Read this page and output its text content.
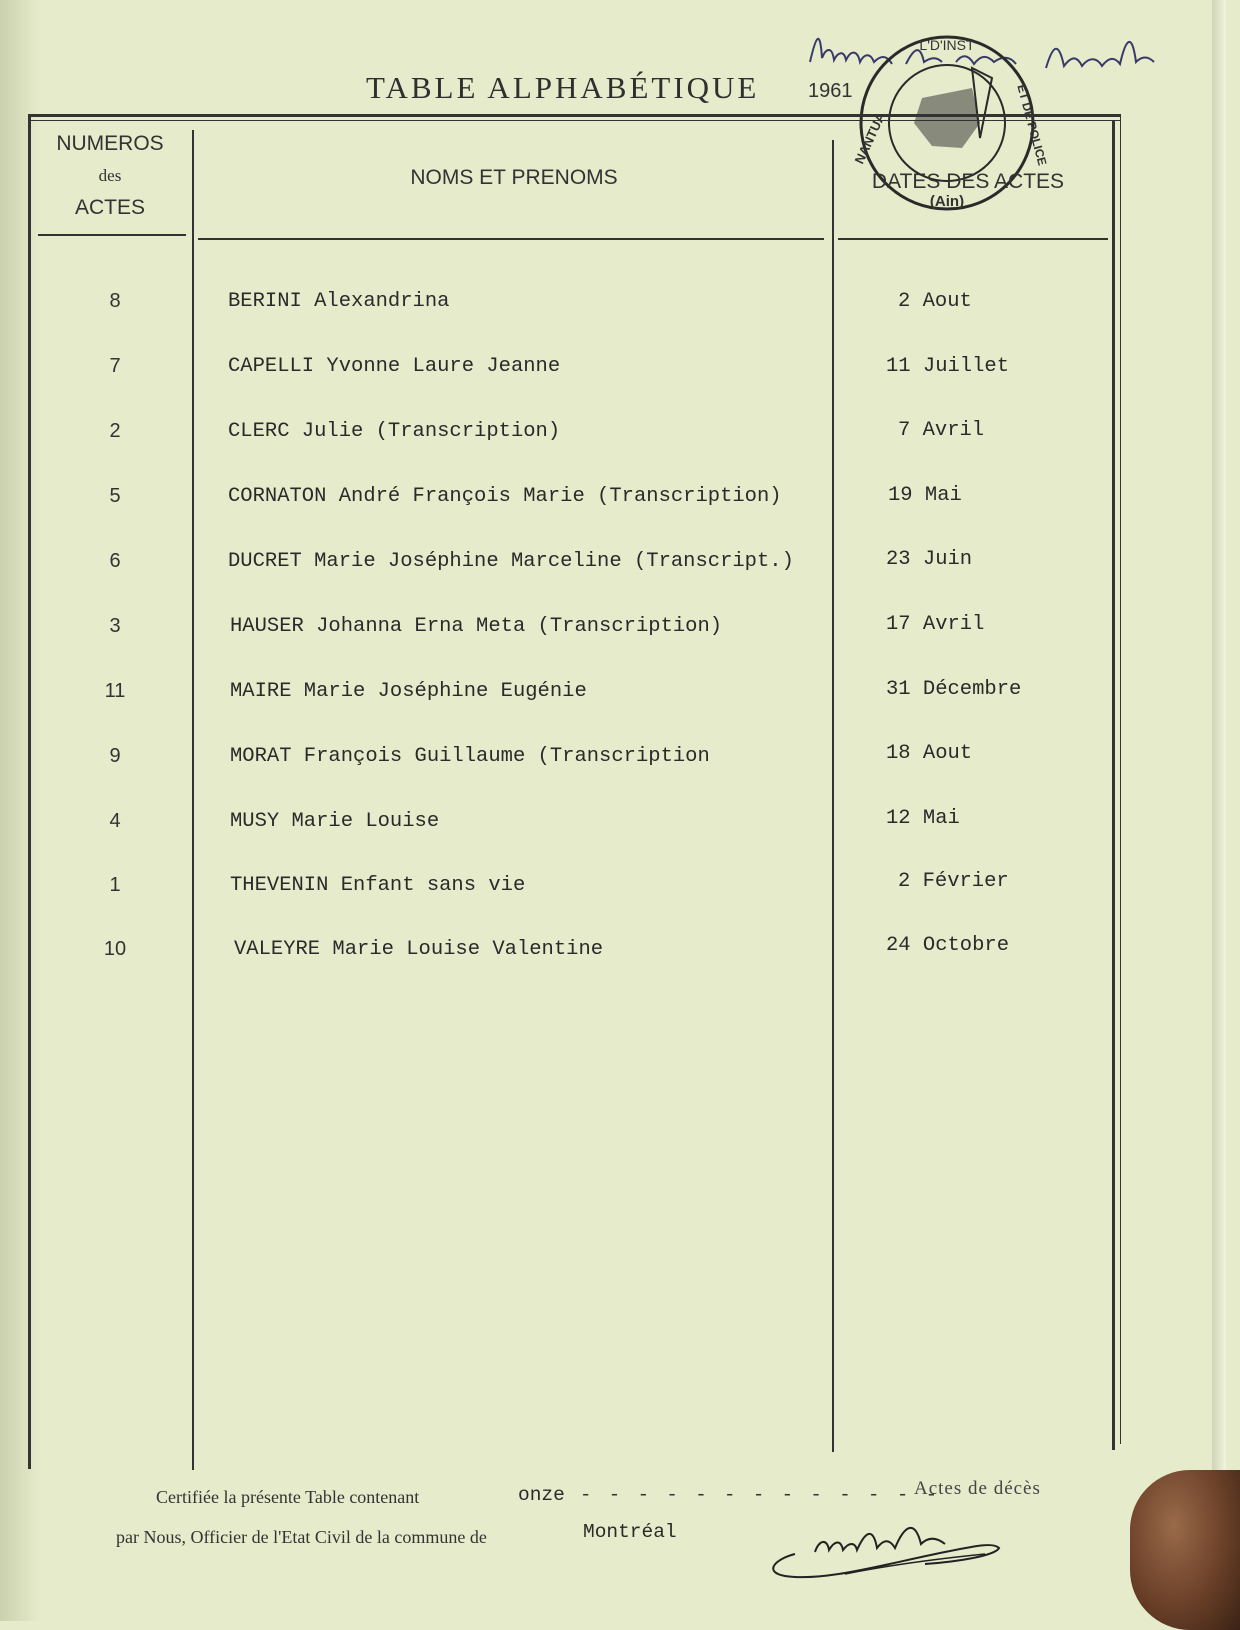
TABLE ALPHABÉTIQUE 1961
L'D'INST
ET DE POLICE
NANTUA
(Ain)
NUMEROS
des
ACTES
NOMS ET PRENOMS	DATES DES ACTES
8	BERINI Alexandrina	2 Aout
7	CAPELLI Yvonne Laure Jeanne	11 Juillet
2	CLERC Julie (Transcription)	7 Avril
5	CORNATON André François Marie (Transcription)	19 Mai
6	DUCRET Marie Joséphine Marceline (Transcript.)	23 Juin
3	HAUSER Johanna Erna Meta (Transcription)	17 Avril
11	MAIRE Marie Joséphine Eugénie	31 Décembre
9	MORAT François Guillaume (Transcription	18 Aout
4	MUSY Marie Louise	12 Mai
1	THEVENIN Enfant sans vie	2 Février
10	VALEYRE Marie Louise Valentine	24 Octobre
Certifiée la présente Table contenant	onze - - - - - - - - - - - - -
Actes de décès
par Nous, Officier de l'Etat Civil de la commune de	Montréal
